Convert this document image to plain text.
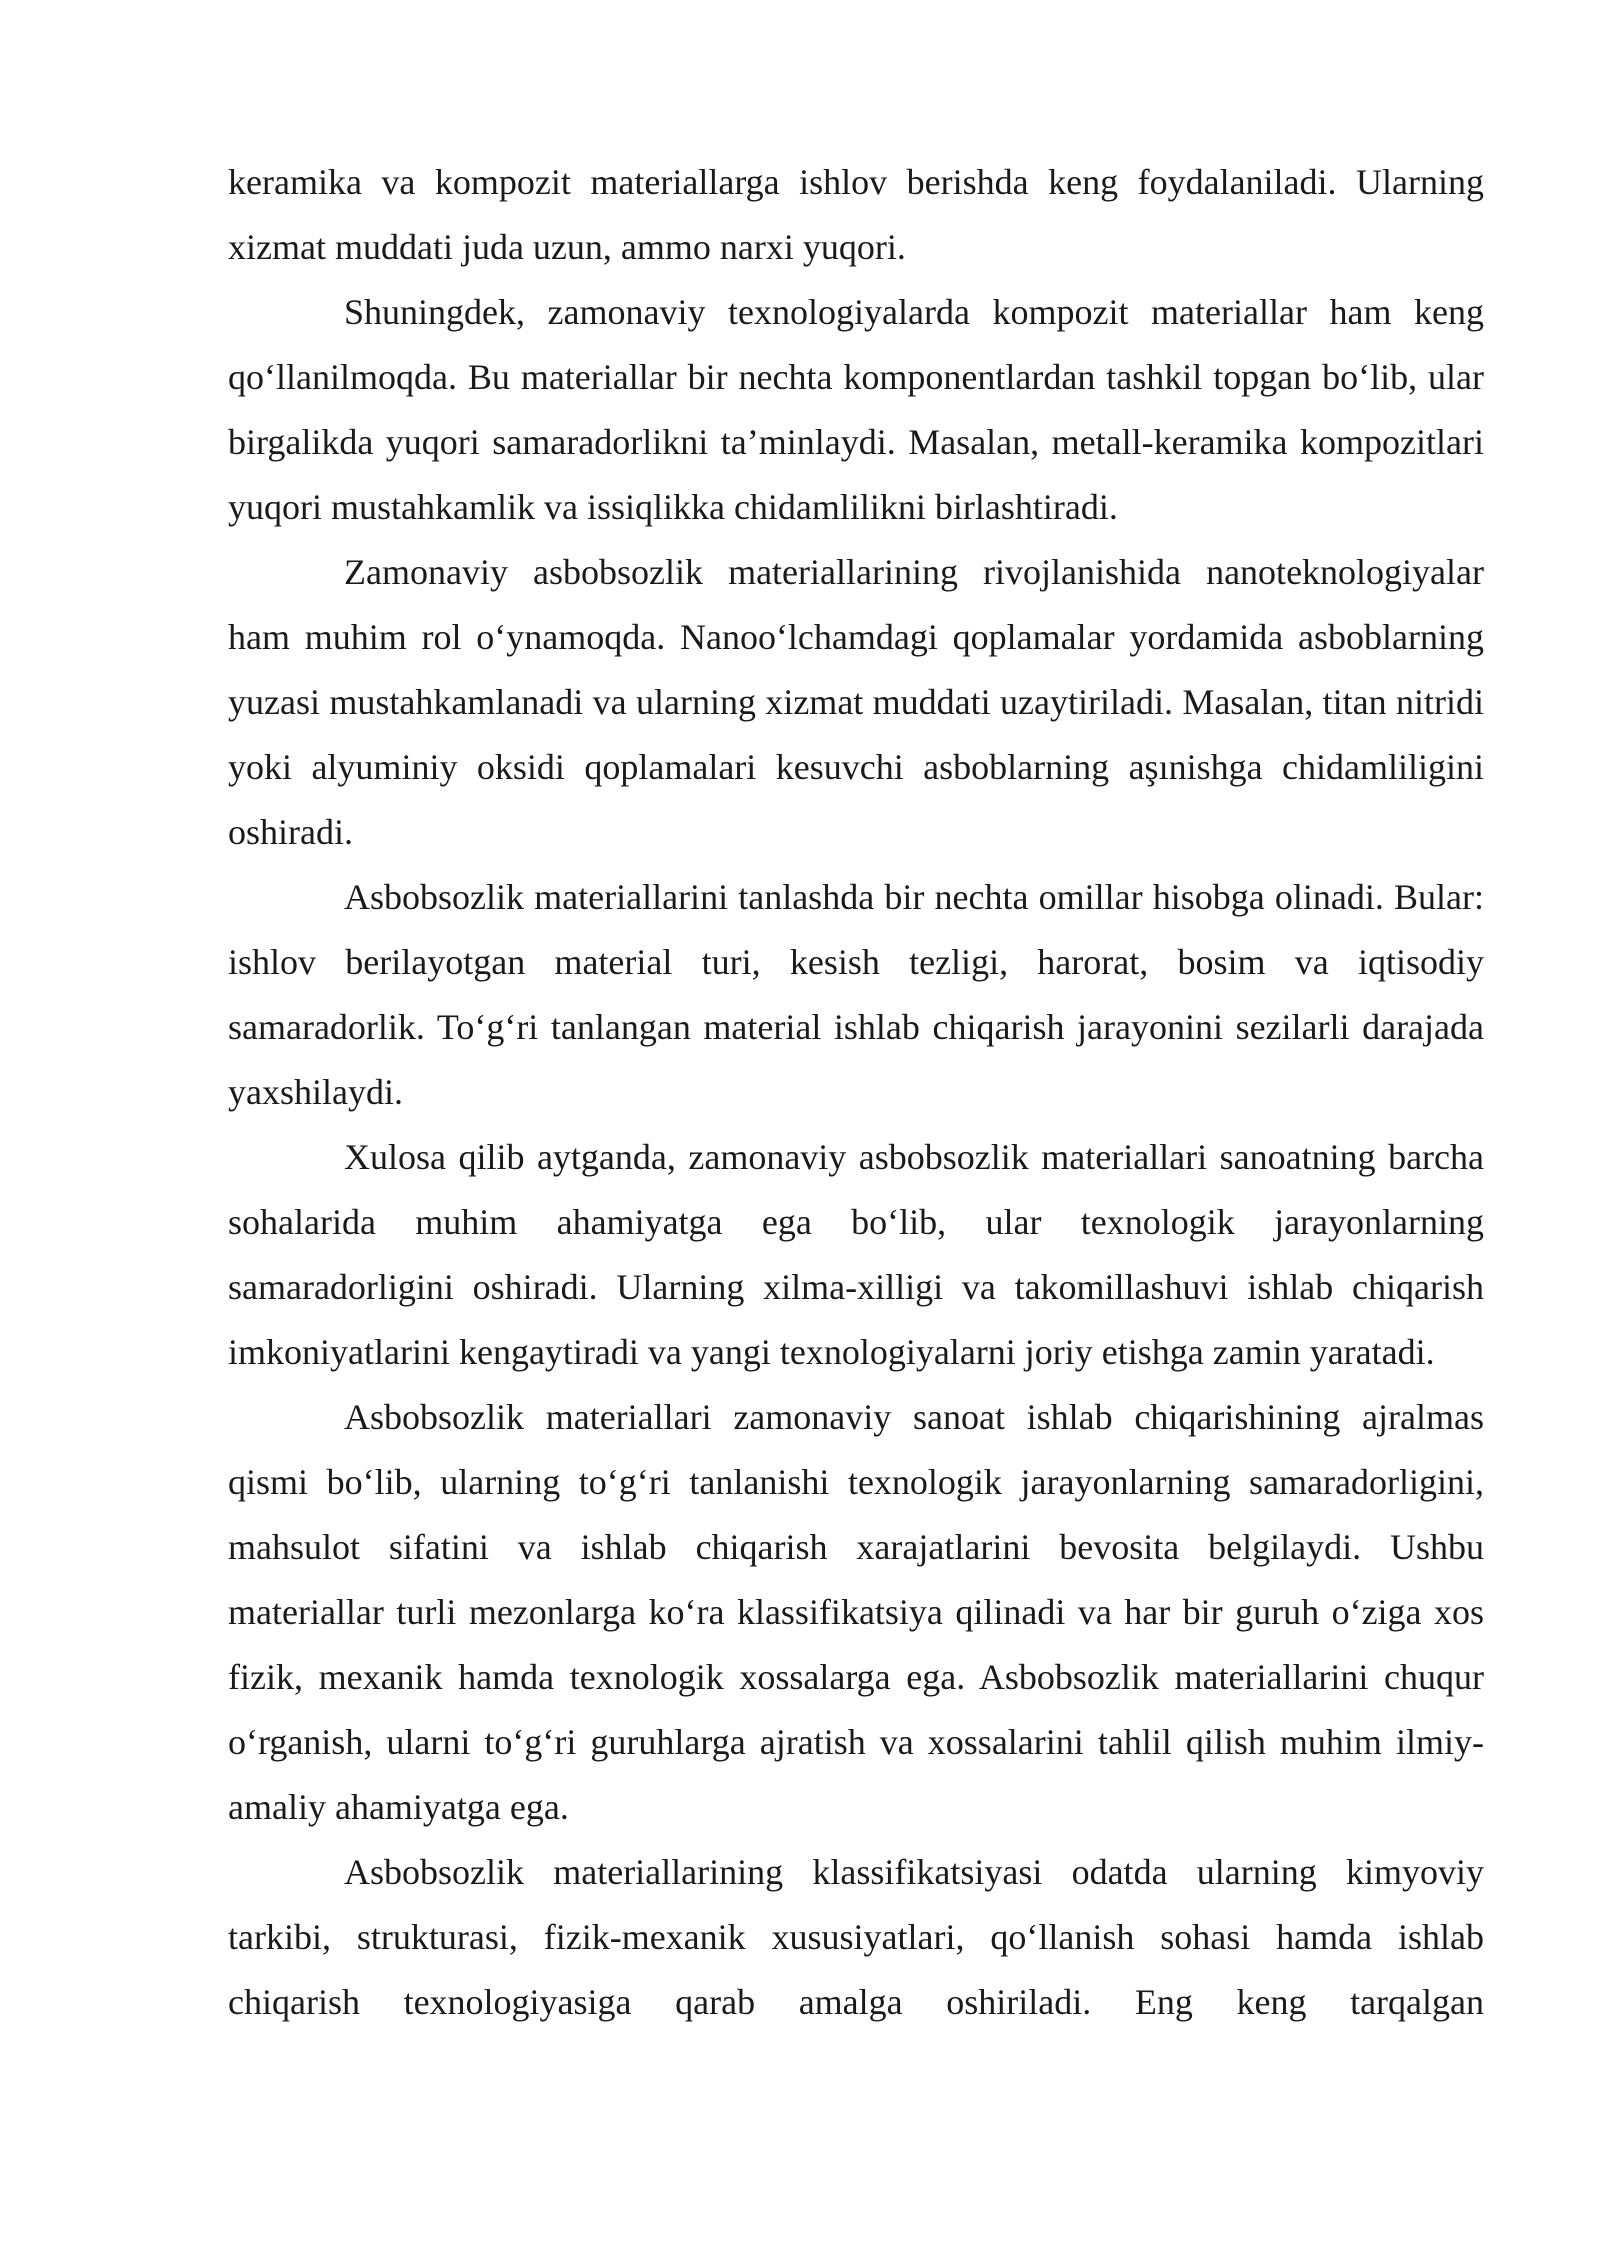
keramika va kompozit materiallarga ishlov berishda keng foydalaniladi. Ularning xizmat muddati juda uzun, ammo narxi yuqori.

Shuningdek, zamonaviy texnologiyalarda kompozit materiallar ham keng qo‘llanilmoqda. Bu materiallar bir nechta komponentlardan tashkil topgan bo‘lib, ular birgalikda yuqori samaradorlikni ta’minlaydi. Masalan, metall-keramika kompozitlari yuqori mustahkamlik va issiqlikka chidamlilikni birlashtiradi.

Zamonaviy asbobsozlik materiallarining rivojlanishida nanoteknologiyalar ham muhim rol o‘ynamoqda. Nanoo‘lchamdagi qoplamalar yordamida asboblarning yuzasi mustahkamlanadi va ularning xizmat muddati uzaytiriladi. Masalan, titan nitridi yoki alyuminiy oksidi qoplamalari kesuvchi asboblarning aşınishga chidamliligini oshiradi.

Asbobsozlik materiallarini tanlashda bir nechta omillar hisobga olinadi. Bular: ishlov berilayotgan material turi, kesish tezligi, harorat, bosim va iqtisodiy samaradorlik. To‘g‘ri tanlangan material ishlab chiqarish jarayonini sezilarli darajada yaxshilaydi.

Xulosa qilib aytganda, zamonaviy asbobsozlik materiallari sanoatning barcha sohalarida muhim ahamiyatga ega bo‘lib, ular texnologik jarayonlarning samaradorligini oshiradi. Ularning xilma-xilligi va takomillashuvi ishlab chiqarish imkoniyatlarini kengaytiradi va yangi texnologiyalarni joriy etishga zamin yaratadi.

Asbobsozlik materiallari zamonaviy sanoat ishlab chiqarishining ajralmas qismi bo‘lib, ularning to‘g‘ri tanlanishi texnologik jarayonlarning samaradorligini, mahsulot sifatini va ishlab chiqarish xarajatlarini bevosita belgilaydi. Ushbu materiallar turli mezonlarga ko‘ra klassifikatsiya qilinadi va har bir guruh o‘ziga xos fizik, mexanik hamda texnologik xossalarga ega. Asbobsozlik materiallarini chuqur o‘rganish, ularni to‘g‘ri guruhlarga ajratish va xossalarini tahlil qilish muhim ilmiy-amaliy ahamiyatga ega.

Asbobsozlik materiallarining klassifikatsiyasi odatda ularning kimyoviy tarkibi, strukturasi, fizik-mexanik xususiyatlari, qo‘llanish sohasi hamda ishlab chiqarish texnologiyasiga qarab amalga oshiriladi. Eng keng tarqalgan
